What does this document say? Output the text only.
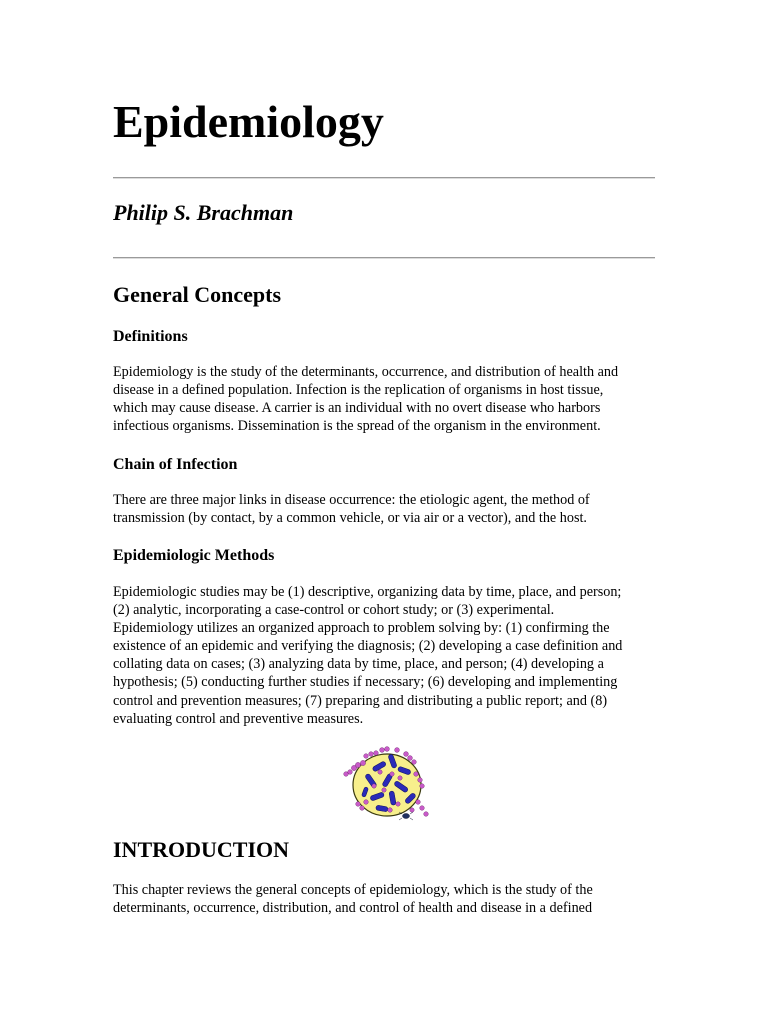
Epidemiology

Philip S. Brachman

General Concepts
Definitions

Epidemiology is the study of the determinants, occurrence, and distribution of health and
disease in a defined population. Infection is the replication of organisms in host tissue,
which may cause disease. A carrier is an individual with no overt disease who harbors
infectious organisms. Dissemination is the spread of the organism in the environment.

Chain of Infection

There are three major links in disease occurrence: the etiologic agent, the method of
transmission (by contact, by a common vehicle, or via air or a vector), and the host.

Epidemiologic Methods

Epidemiologic studies may be (1) descriptive, organizing data by time, place, and person;
(2) analytic, incorporating a case-control or cohort study; or (3) experimental.
Epidemiology utilizes an organized approach to problem solving by: (1) confirming the
existence of an epidemic and verifying the diagnosis; (2) developing a case definition and
collating data on cases; (3) analyzing data by time, place, and person; (4) developing a
hypothesis; (5) conducting further studies if necessary; (6) developing and implementing
control and prevention measures; (7) preparing and distributing a public report; and (8)
evaluating control and preventive measures.

INTRODUCTION

This chapter reviews the general concepts of epidemiology, which is the study of the
determinants, occurrence, distribution, and control of health and disease in a defined
